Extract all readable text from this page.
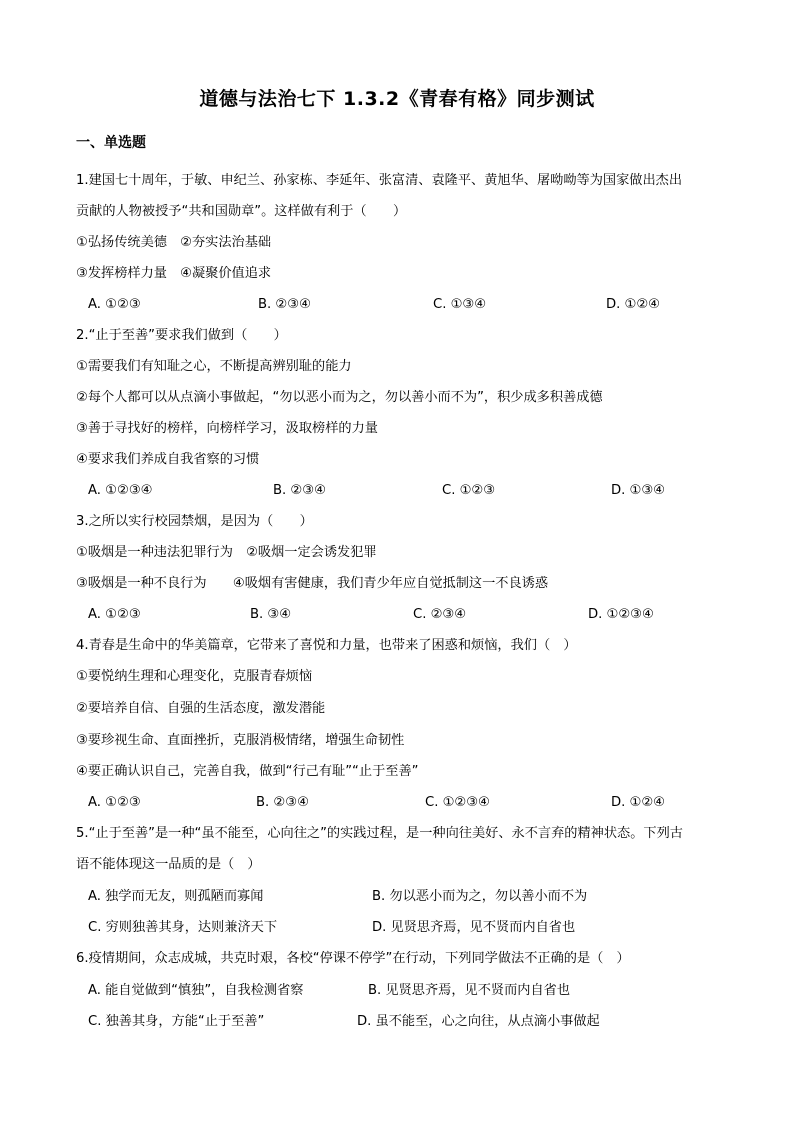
道德与法治七下 1.3.2《青春有格》同步测试
一、单选题
1.建国七十周年，于敏、申纪兰、孙家栋、李延年、张富清、袁隆平、黄旭华、屠呦呦等为国家做出杰出
贡献的人物被授予“共和国勋章”。这样做有利于（　　）
①弘扬传统美德　②夯实法治基础
③发挥榜样力量　④凝聚价值追求
A. ①②③	B. ②③④	C. ①③④	D. ①②④
2.“止于至善”要求我们做到（　　）
①需要我们有知耻之心，不断提高辨别耻的能力
②每个人都可以从点滴小事做起，“勿以恶小而为之，勿以善小而不为”，积少成多积善成德
③善于寻找好的榜样，向榜样学习，汲取榜样的力量
④要求我们养成自我省察的习惯
A. ①②③④	B. ②③④	C. ①②③	D. ①③④
3.之所以实行校园禁烟，是因为（　　）
①吸烟是一种违法犯罪行为　②吸烟一定会诱发犯罪
③吸烟是一种不良行为　　④吸烟有害健康，我们青少年应自觉抵制这一不良诱惑
A. ①②③	B. ③④	C. ②③④	D. ①②③④
4.青春是生命中的华美篇章，它带来了喜悦和力量，也带来了困惑和烦恼，我们（　）
①要悦纳生理和心理变化，克服青春烦恼
②要培养自信、自强的生活态度，激发潜能
③要珍视生命、直面挫折，克服消极情绪，增强生命韧性
④要正确认识自己，完善自我，做到“行己有耻”“止于至善”
A. ①②③	B. ②③④	C. ①②③④	D. ①②④
5.“止于至善”是一种“虽不能至，心向往之”的实践过程，是一种向往美好、永不言弃的精神状态。下列古
语不能体现这一品质的是（　）
A. 独学而无友，则孤陋而寡闻	B. 勿以恶小而为之，勿以善小而不为
C. 穷则独善其身，达则兼济天下	D. 见贤思齐焉，见不贤而内自省也
6.疫情期间，众志成城，共克时艰，各校“停课不停学”在行动，下列同学做法不正确的是（　）
A. 能自觉做到“慎独”，自我检测省察	B. 见贤思齐焉，见不贤而内自省也
C. 独善其身，方能“止于至善”	D. 虽不能至，心之向往，从点滴小事做起
